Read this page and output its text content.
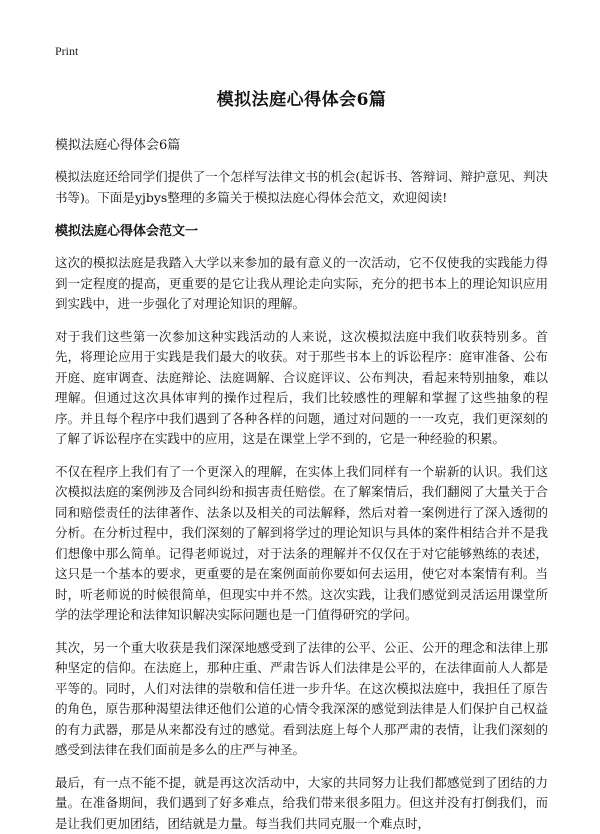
Print
模拟法庭心得体会6篇
模拟法庭心得体会6篇

模拟法庭还给同学们提供了一个怎样写法律文书的机会(起诉书、答辩词、辩护意见、判决书等)。下面是yjbys整理的多篇关于模拟法庭心得体会范文，欢迎阅读!

模拟法庭心得体会范文一

这次的模拟法庭是我踏入大学以来参加的最有意义的一次活动，它不仅使我的实践能力得到一定程度的提高，更重要的是它让我从理论走向实际，充分的把书本上的理论知识应用到实践中，进一步强化了对理论知识的理解。

对于我们这些第一次参加这种实践活动的人来说，这次模拟法庭中我们收获特别多。首先，将理论应用于实践是我们最大的收获。对于那些书本上的诉讼程序：庭审准备、公布开庭、庭审调查、法庭辩论、法庭调解、合议庭评议、公布判决，看起来特别抽象，难以理解。但通过这次具体审判的操作过程后，我们比较感性的理解和掌握了这些抽象的程序。并且每个程序中我们遇到了各种各样的问题，通过对问题的一一攻克，我们更深刻的了解了诉讼程序在实践中的应用，这是在课堂上学不到的，它是一种经验的积累。

不仅在程序上我们有了一个更深入的理解，在实体上我们同样有一个崭新的认识。我们这次模拟法庭的案例涉及合同纠纷和损害责任赔偿。在了解案情后，我们翻阅了大量关于合同和赔偿责任的法律著作、法条以及相关的司法解释，然后对着一案例进行了深入透彻的分析。在分析过程中，我们深刻的了解到将学过的理论知识与具体的案件相结合并不是我们想像中那么简单。记得老师说过，对于法条的理解并不仅仅在于对它能够熟练的表述，这只是一个基本的要求，更重要的是在案例面前你要如何去运用，使它对本案情有利。当时，听老师说的时候很简单，但现实中并不然。这次实践，让我们感觉到灵活运用课堂所学的法学理论和法律知识解决实际问题也是一门值得研究的学问。

其次，另一个重大收获是我们深深地感受到了法律的公平、公正、公开的理念和法律上那种坚定的信仰。在法庭上，那种庄重、严肃告诉人们法律是公平的，在法律面前人人都是平等的。同时，人们对法律的崇敬和信任进一步升华。在这次模拟法庭中，我担任了原告的角色，原告那种渴望法律还他们公道的心情令我深深的感觉到法律是人们保护自己权益的有力武器，那是从来都没有过的感觉。看到法庭上每个人那严肃的表情，让我们深刻的感受到法律在我们面前是多么的庄严与神圣。

最后，有一点不能不提，就是再这次活动中，大家的共同努力让我们都感觉到了团结的力量。在准备期间，我们遇到了好多难点，给我们带来很多阻力。但这并没有打倒我们，而是让我们更加团结，团结就是力量。每当我们共同克服一个难点时，
